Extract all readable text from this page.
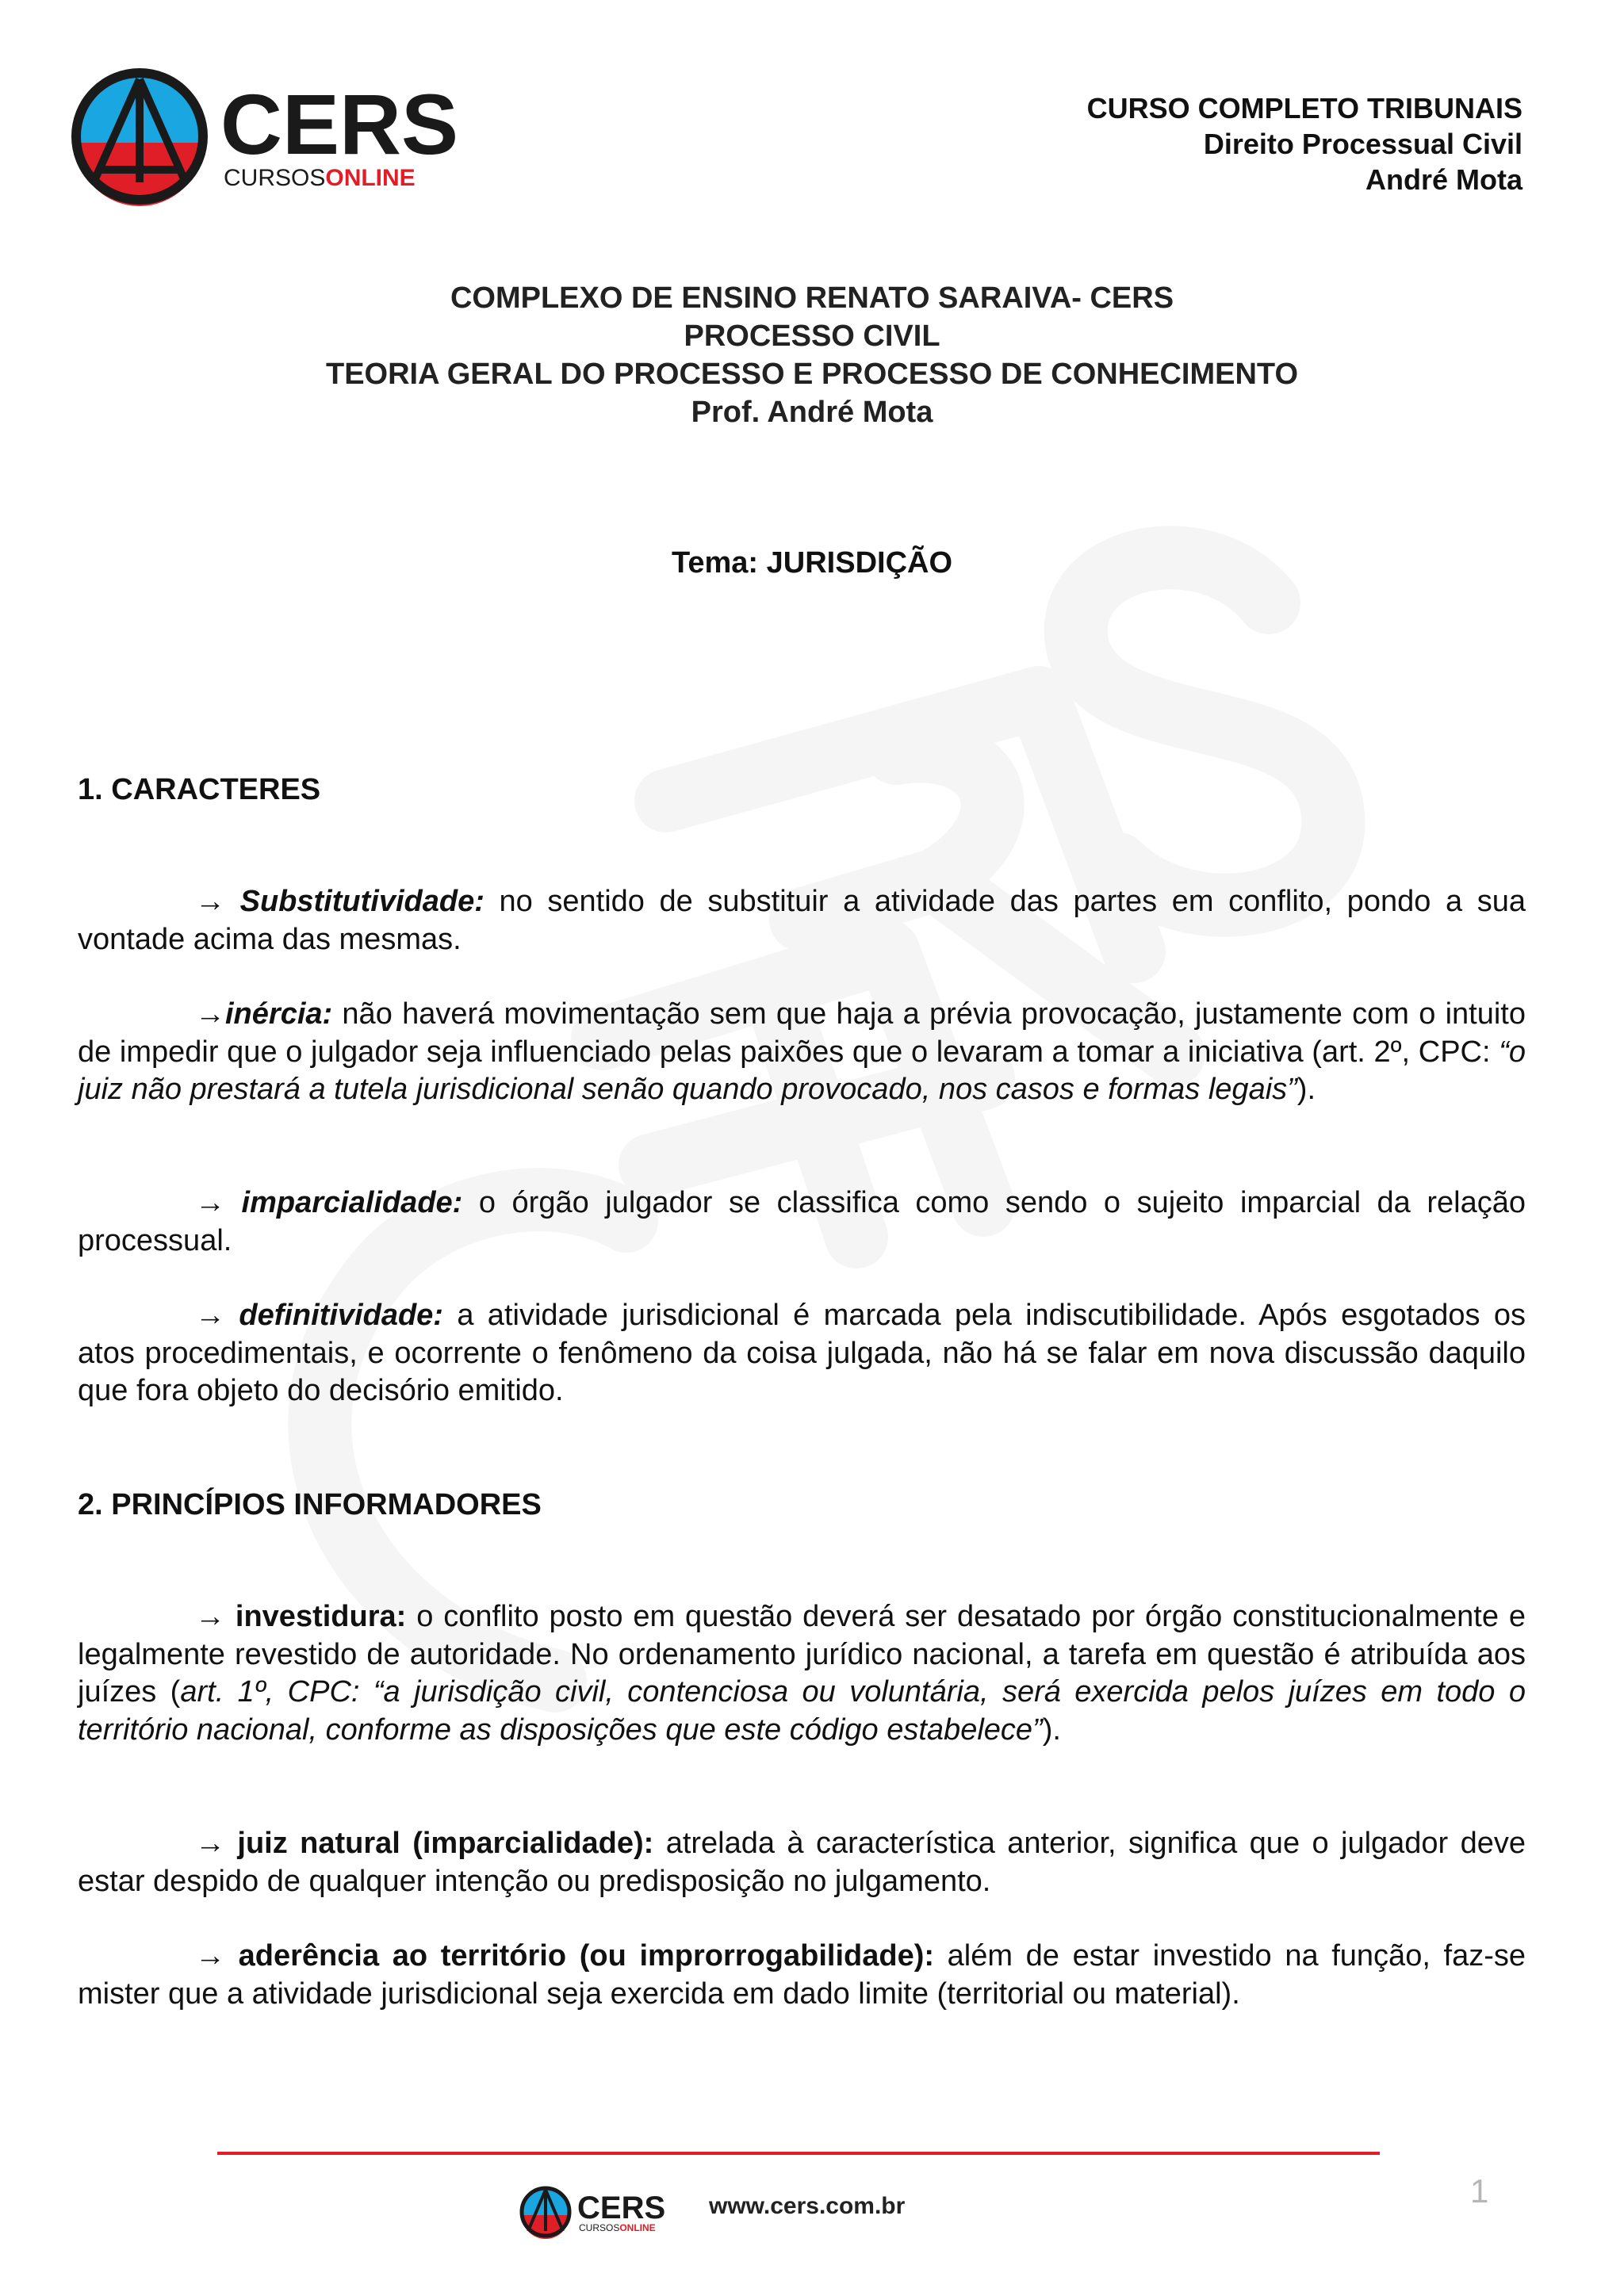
CERS
CURSOSONLINE
CURSO COMPLETO TRIBUNAIS
Direito Processual Civil
André Mota
COMPLEXO DE ENSINO RENATO SARAIVA- CERS
PROCESSO CIVIL
TEORIA GERAL DO PROCESSO E PROCESSO DE CONHECIMENTO
Prof. André Mota
Tema: JURISDIÇÃO
1. CARACTERES
→ Substitutividade: no sentido de substituir a atividade das partes em conflito, pondo a sua vontade acima das mesmas.
→inércia: não haverá movimentação sem que haja a prévia provocação, justamente com o intuito de impedir que o julgador seja influenciado pelas paixões que o levaram a tomar a iniciativa (art. 2º, CPC: “o juiz não prestará a tutela jurisdicional senão quando provocado, nos casos e formas legais”).
→ imparcialidade: o órgão julgador se classifica como sendo o sujeito imparcial da relação processual.
→ definitividade: a atividade jurisdicional é marcada pela indiscutibilidade. Após esgotados os atos procedimentais, e ocorrente o fenômeno da coisa julgada, não há se falar em nova discussão daquilo que fora objeto do decisório emitido.
2. PRINCÍPIOS INFORMADORES
→ investidura: o conflito posto em questão deverá ser desatado por órgão constitucionalmente e legalmente revestido de autoridade. No ordenamento jurídico nacional, a tarefa em questão é atribuída aos juízes (art. 1º, CPC: “a jurisdição civil, contenciosa ou voluntária, será exercida pelos juízes em todo o território nacional, conforme as disposições que este código estabelece”).
→ juiz natural (imparcialidade): atrelada à característica anterior, significa que o julgador deve estar despido de qualquer intenção ou predisposição no julgamento.
→ aderência ao território (ou improrrogabilidade): além de estar investido na função, faz-se mister que a atividade jurisdicional seja exercida em dado limite (territorial ou material).
CERS
CURSOSONLINE
www.cers.com.br	1
